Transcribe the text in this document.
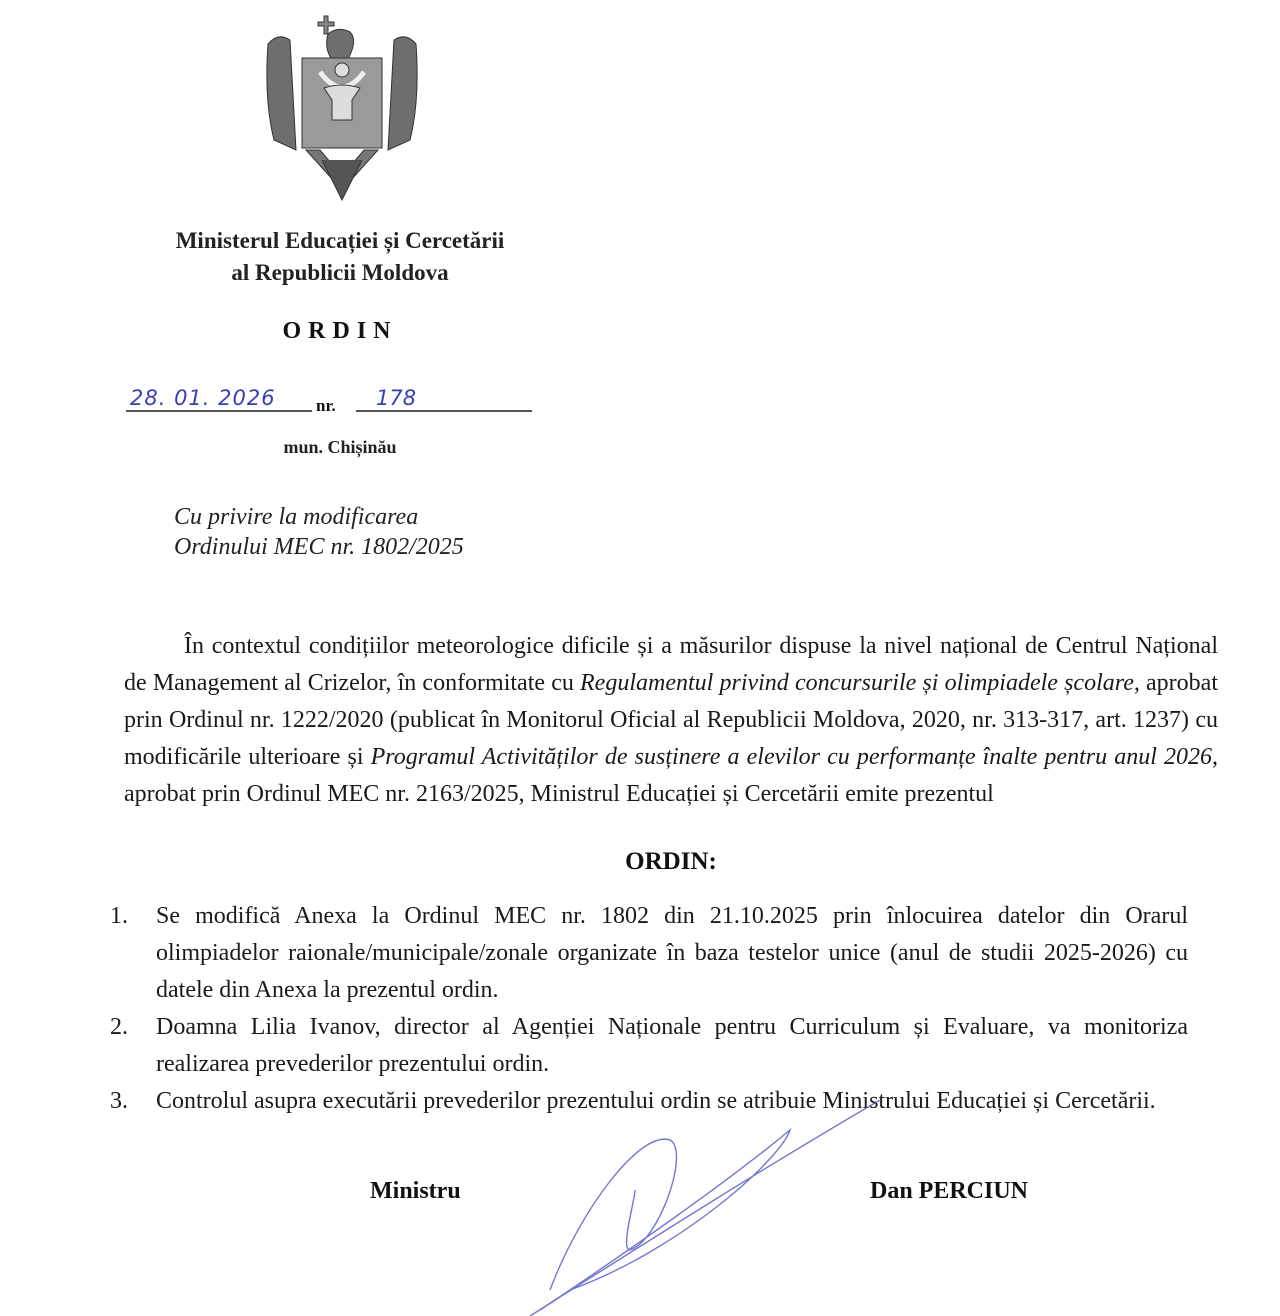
Ministerul Educației și Cercetării
al Republicii Moldova
ORDIN
28. 01. 2026 nr. 178
mun. Chișinău
Cu privire la modificarea
Ordinului MEC nr. 1802/2025
În contextul condițiilor meteorologice dificile și a măsurilor dispuse la nivel național de Centrul Național de Management al Crizelor, în conformitate cu Regulamentul privind concursurile și olimpiadele școlare, aprobat prin Ordinul nr. 1222/2020 (publicat în Monitorul Oficial al Republicii Moldova, 2020, nr. 313-317, art. 1237) cu modificările ulterioare și Programul Activităților de susținere a elevilor cu performanțe înalte pentru anul 2026, aprobat prin Ordinul MEC nr. 2163/2025, Ministrul Educației și Cercetării emite prezentul
ORDIN:
1.	Se modifică Anexa la Ordinul MEC nr. 1802 din 21.10.2025 prin înlocuirea datelor din Orarul olimpiadelor raionale/municipale/zonale organizate în baza testelor unice (anul de studii 2025-2026) cu datele din Anexa la prezentul ordin.
2.	Doamna Lilia Ivanov, director al Agenției Naționale pentru Curriculum și Evaluare, va monitoriza realizarea prevederilor prezentului ordin.
3.	Controlul asupra executării prevederilor prezentului ordin se atribuie Ministrului Educației și Cercetării.
Ministru	Dan PERCIUN
